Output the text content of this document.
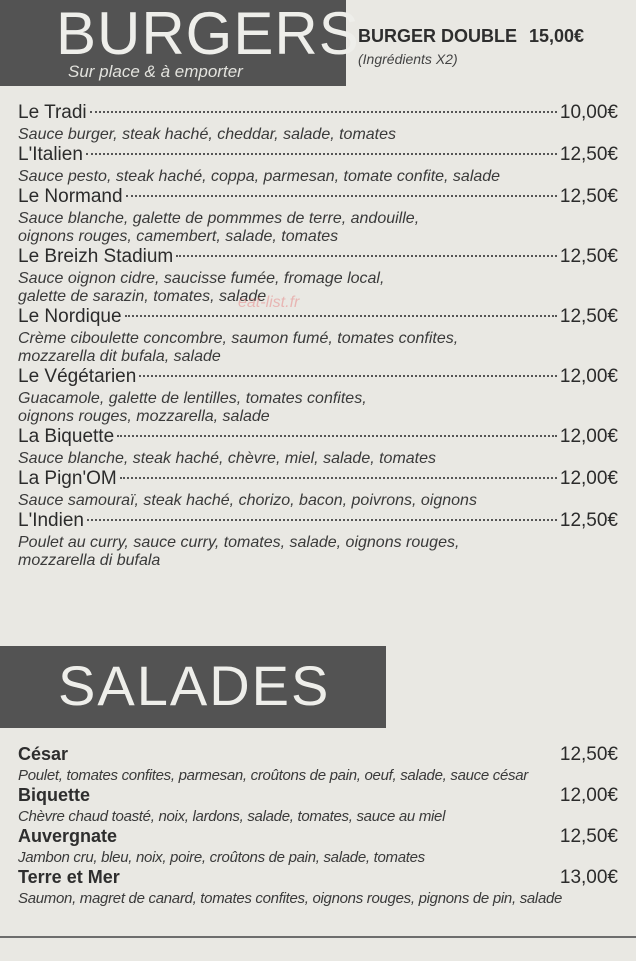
BURGERS
Sur place & à emporter
BURGER DOUBLE 15,00€
(Ingrédients X2)
Le Tradi	10,00€
Sauce burger, steak haché, cheddar, salade, tomates
L'Italien	12,50€
Sauce pesto, steak haché, coppa, parmesan, tomate confite, salade
Le Normand	12,50€
Sauce blanche, galette de pommmes de terre, andouille,
oignons rouges, camembert, salade, tomates
Le Breizh Stadium	12,50€
Sauce oignon cidre, saucisse fumée, fromage local,
galette de sarazin, tomates, salade
Le Nordique	12,50€
Crème ciboulette concombre, saumon fumé, tomates confites,
mozzarella dit bufala, salade
Le Végétarien	12,00€
Guacamole, galette de lentilles, tomates confites,
oignons rouges, mozzarella, salade
La Biquette	12,00€
Sauce blanche, steak haché, chèvre, miel, salade, tomates
La Pign'OM	12,00€
Sauce samouraï, steak haché, chorizo, bacon, poivrons, oignons
L'Indien	12,50€
Poulet au curry, sauce curry, tomates, salade, oignons rouges,
mozzarella di bufala
eat-list.fr
SALADES
César	12,50€
Poulet, tomates confites, parmesan, croûtons de pain, oeuf, salade, sauce césar
Biquette	12,00€
Chèvre chaud toasté, noix, lardons, salade, tomates, sauce au miel
Auvergnate	12,50€
Jambon cru, bleu, noix, poire, croûtons de pain, salade, tomates
Terre et Mer	13,00€
Saumon, magret de canard, tomates confites, oignons rouges, pignons de pin, salade
